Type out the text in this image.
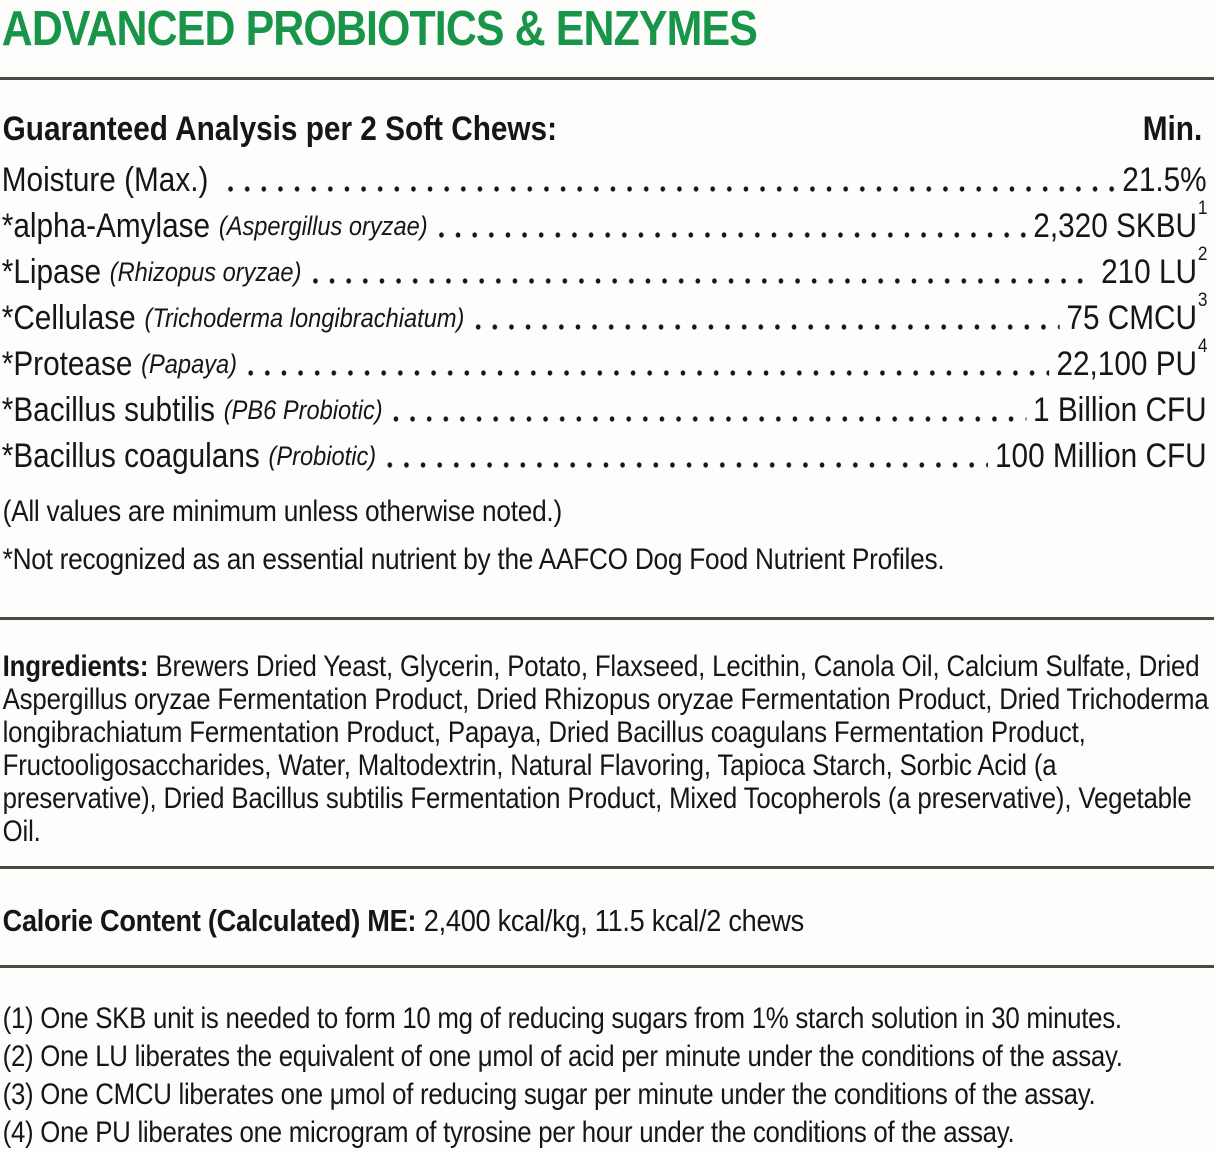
ADVANCED PROBIOTICS & ENZYMES
Guaranteed Analysis per 2 Soft Chews:	Min.
Moisture (Max.)	21.5%
*alpha-Amylase (Aspergillus oryzae)	2,320 SKBU$^1$
*Lipase (Rhizopus oryzae)	210 $LU^2$
*Cellulase (Trichoderma longibrachiatum)	75 CMCU$^3$
*Protease (Papaya)	22,100 $PU^4$
*Bacillus subtilis (PB6 Probiotic)	1 Billion CFU
*Bacillus coagulans (Probiotic)	100 Million CFU

(All values are minimum unless otherwise noted.)

*Not recognized as an essential nutrient by the AAFCO Dog Food Nutrient Profiles.

Ingredients: Brewers Dried Yeast, Glycerin, Potato, Flaxseed, Lecithin, Canola Oil, Calcium Sulfate, Dried Aspergillus oryzae Fermentation Product, Dried Rhizopus oryzae Fermentation Product, Dried Trichoderma longibrachiatum Fermentation Product, Papaya, Dried Bacillus coagulans Fermentation Product, Fructooligosaccharides, Water, Maltodextrin, Natural Flavoring, Tapioca Starch, Sorbic Acid (a preservative), Dried Bacillus subtilis Fermentation Product, Mixed Tocopherols (a preservative), Vegetable Oil.

Calorie Content (Calculated) ME: 2,400 kcal/kg, 11.5 kcal/2 chews

(1) One SKB unit is needed to form 10 mg of reducing sugars from 1% starch solution in 30 minutes.

(2) One LU liberates the equivalent of one μmol of acid per minute under the conditions of the assay.

(3) One CMCU liberates one μmol of reducing sugar per minute under the conditions of the assay.

(4) One PU liberates one microgram of tyrosine per hour under the conditions of the assay.
